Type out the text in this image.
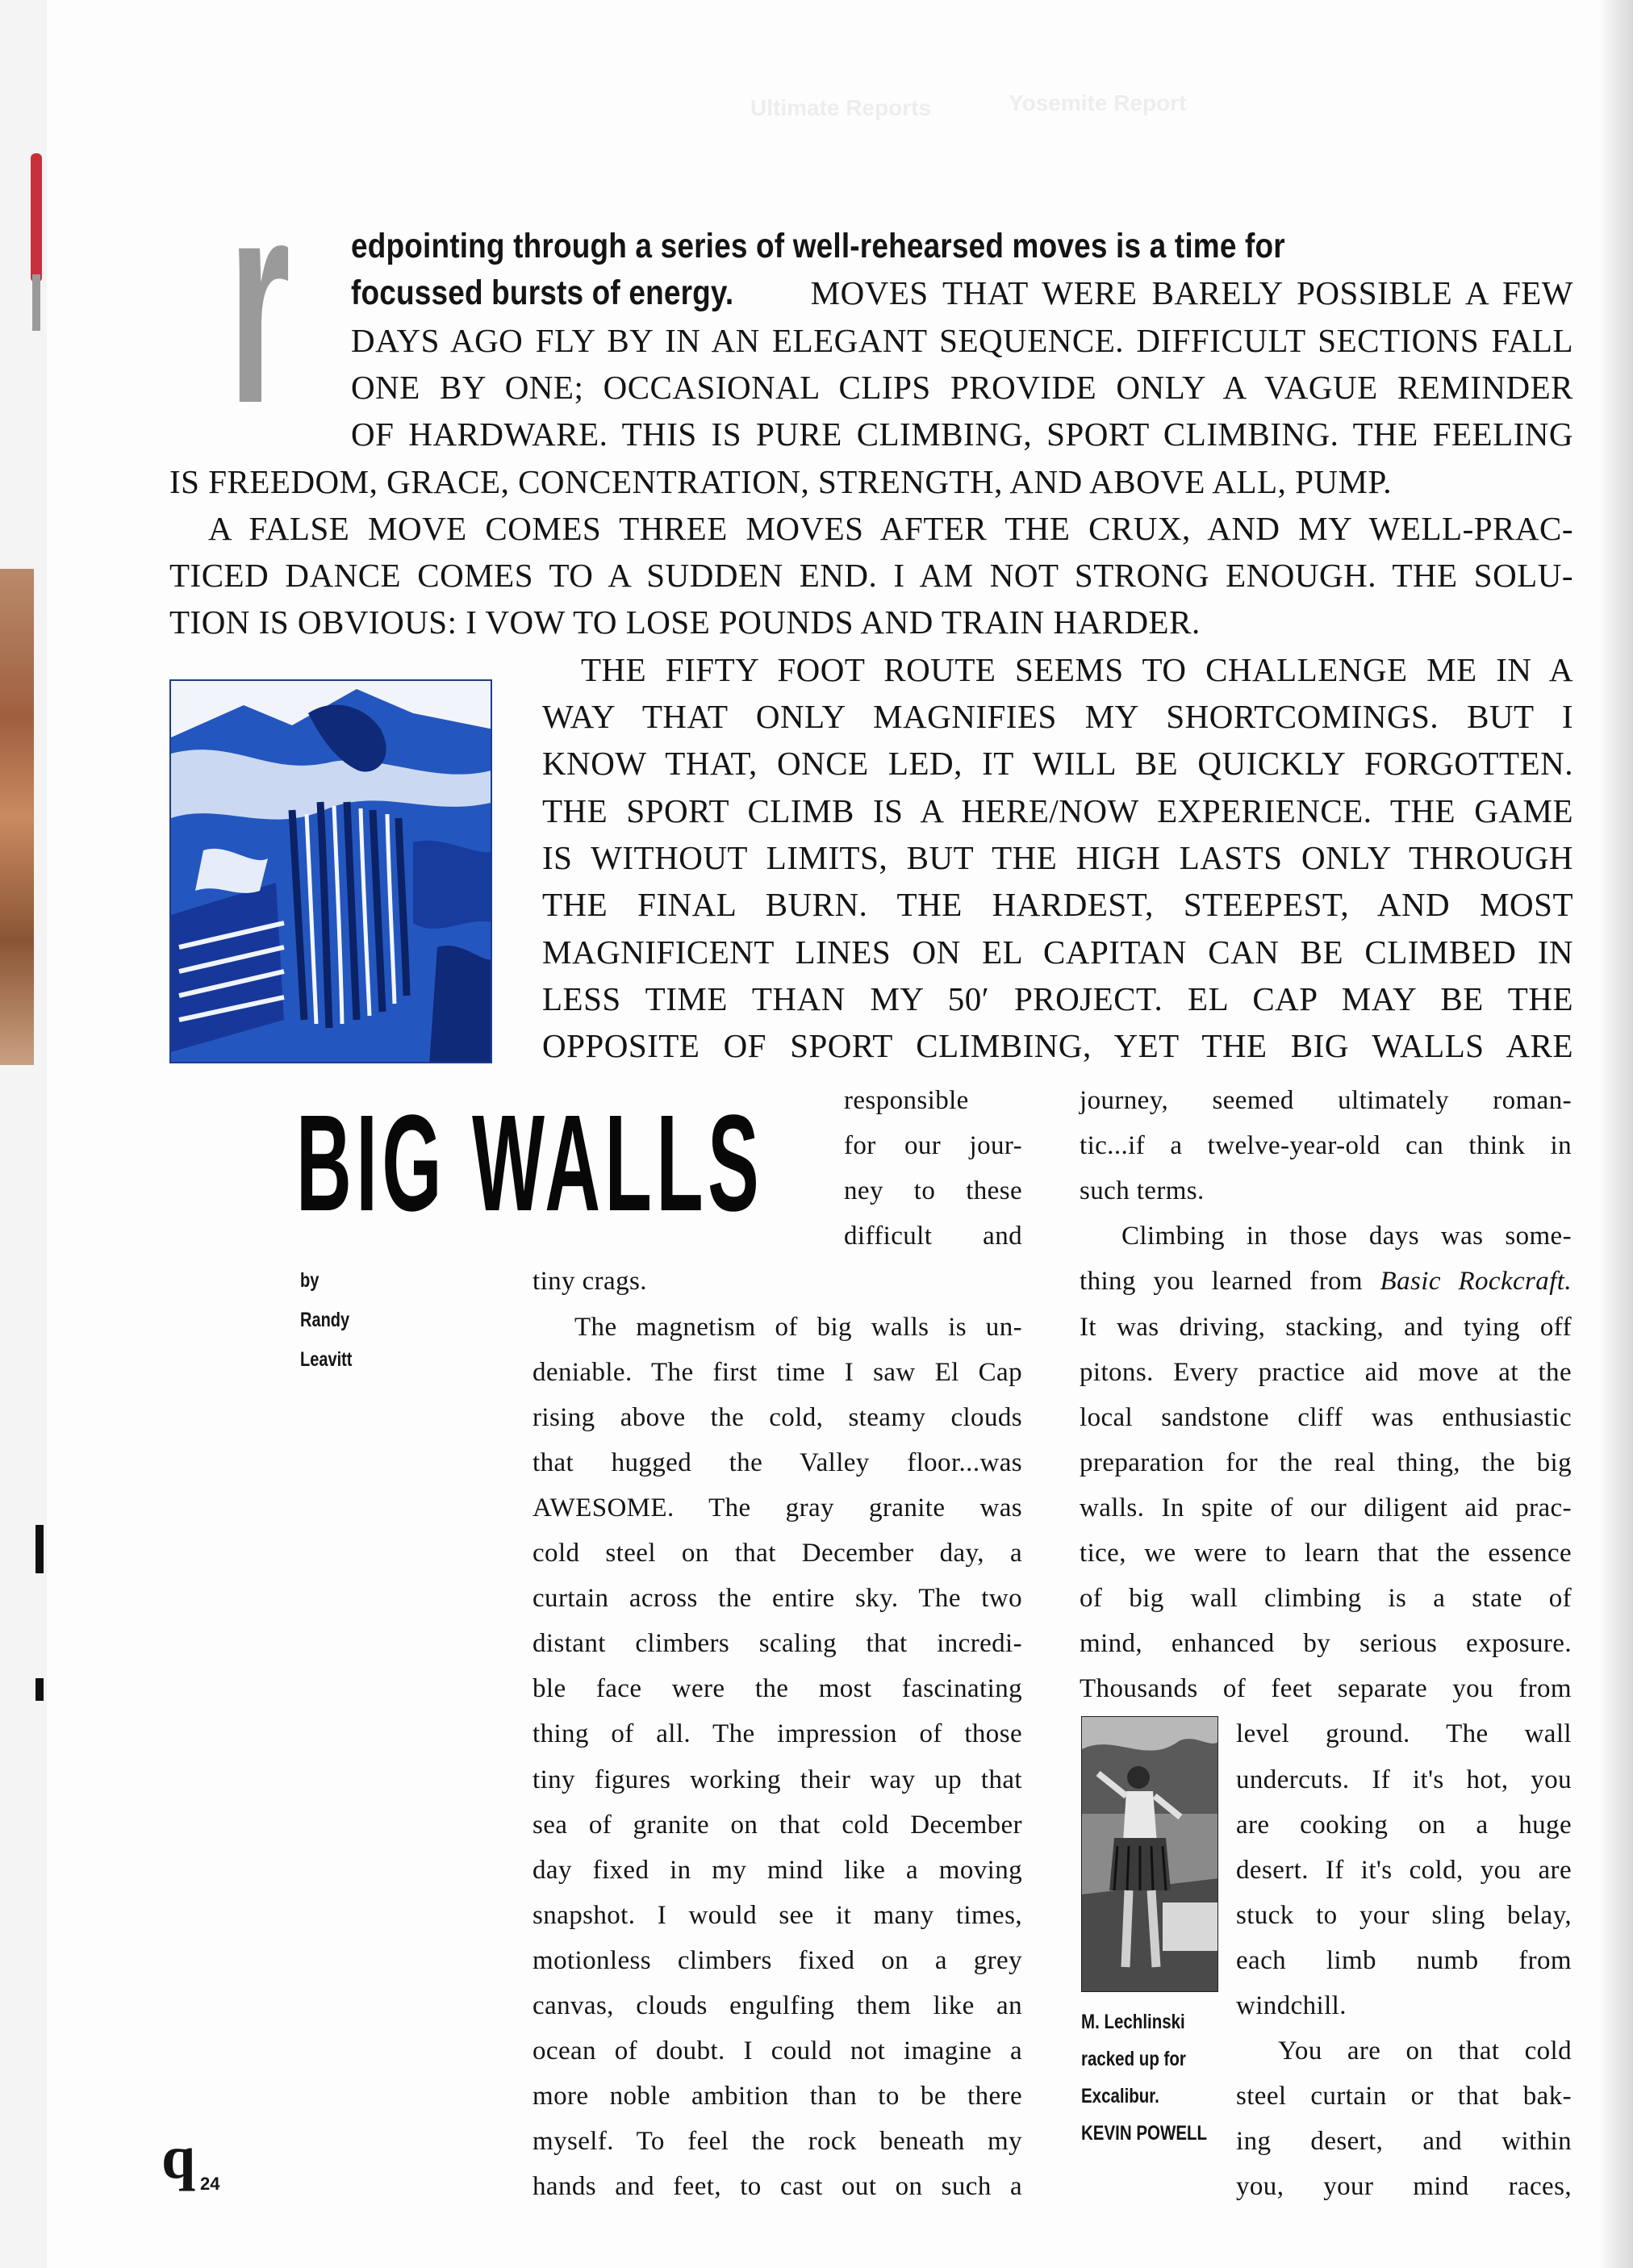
Ultimate Reports	Yosemite Report
r edpointing through a series of well-rehearsed moves is a time for
focussed bursts of energy. MOVES THAT WERE BARELY POSSIBLE A FEW
DAYS AGO FLY BY IN AN ELEGANT SEQUENCE. DIFFICULT SECTIONS FALL
ONE BY ONE; OCCASIONAL CLIPS PROVIDE ONLY A VAGUE REMINDER
OF HARDWARE. THIS IS PURE CLIMBING, SPORT CLIMBING. THE FEELING
IS FREEDOM, GRACE, CONCENTRATION, STRENGTH, AND ABOVE ALL, PUMP.
A FALSE MOVE COMES THREE MOVES AFTER THE CRUX, AND MY WELL-PRAC-
TICED DANCE COMES TO A SUDDEN END. I AM NOT STRONG ENOUGH. THE SOLU-
TION IS OBVIOUS: I VOW TO LOSE POUNDS AND TRAIN HARDER.
THE FIFTY FOOT ROUTE SEEMS TO CHALLENGE ME IN A
WAY THAT ONLY MAGNIFIES MY SHORTCOMINGS. BUT I
KNOW THAT, ONCE LED, IT WILL BE QUICKLY FORGOTTEN.
THE SPORT CLIMB IS A HERE/NOW EXPERIENCE. THE GAME
IS WITHOUT LIMITS, BUT THE HIGH LASTS ONLY THROUGH
THE FINAL BURN. THE HARDEST, STEEPEST, AND MOST
MAGNIFICENT LINES ON EL CAPITAN CAN BE CLIMBED IN
LESS TIME THAN MY 50′ PROJECT. EL CAP MAY BE THE
OPPOSITE OF SPORT CLIMBING, YET THE BIG WALLS ARE
BIG WALLS
by
Randy
Leavitt
responsible
for our jour-
ney to these
difficult and
tiny crags.
The magnetism of big walls is un-
deniable. The first time I saw El Cap
rising above the cold, steamy clouds
that hugged the Valley floor...was
AWESOME. The gray granite was
cold steel on that December day, a
curtain across the entire sky. The two
distant climbers scaling that incredi-
ble face were the most fascinating
thing of all. The impression of those
tiny figures working their way up that
sea of granite on that cold December
day fixed in my mind like a moving
snapshot. I would see it many times,
motionless climbers fixed on a grey
canvas, clouds engulfing them like an
ocean of doubt. I could not imagine a
more noble ambition than to be there
myself. To feel the rock beneath my
hands and feet, to cast out on such a
journey, seemed ultimately roman-
tic...if a twelve-year-old can think in
such terms.
Climbing in those days was some-
thing you learned from Basic Rockcraft.
It was driving, stacking, and tying off
pitons. Every practice aid move at the
local sandstone cliff was enthusiastic
preparation for the real thing, the big
walls. In spite of our diligent aid prac-
tice, we were to learn that the essence
of big wall climbing is a state of
mind, enhanced by serious exposure.
Thousands of feet separate you from
level ground. The wall
undercuts. If it's hot, you
are cooking on a huge
desert. If it's cold, you are
stuck to your sling belay,
each limb numb from
windchill.
You are on that cold
steel curtain or that bak-
ing desert, and within
you, your mind races,
M. Lechlinski
racked up for
Excalibur.
KEVIN POWELL
q 24
